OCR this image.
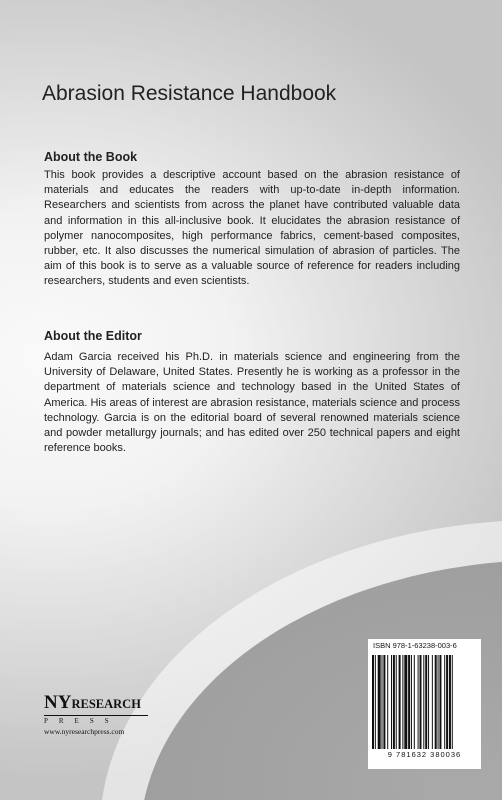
Abrasion Resistance Handbook
About the Book

This book provides a descriptive account based on the abrasion resistance of materials and educates the readers with up-to-date in-depth information. Researchers and scientists from across the planet have contributed valuable data and information in this all-inclusive book. It elucidates the abrasion resistance of polymer nanocomposites, high performance fabrics, cement-based composites, rubber, etc. It also discusses the numerical simulation of abrasion of particles. The aim of this book is to serve as a valuable source of reference for readers including researchers, students and even scientists.

About the Editor

Adam Garcia received his Ph.D. in materials science and engineering from the University of Delaware, United States. Presently he is working as a professor in the department of materials science and technology based in the United States of America. His areas of interest are abrasion resistance, materials science and process technology. Garcia is on the editorial board of several renowned materials science and powder metallurgy journals; and has edited over 250 technical papers and eight reference books.

NYRESEARCH
PRESS
www.nyresearchpress.com
ISBN 978-1-63238-003-6
9 781632 380036
